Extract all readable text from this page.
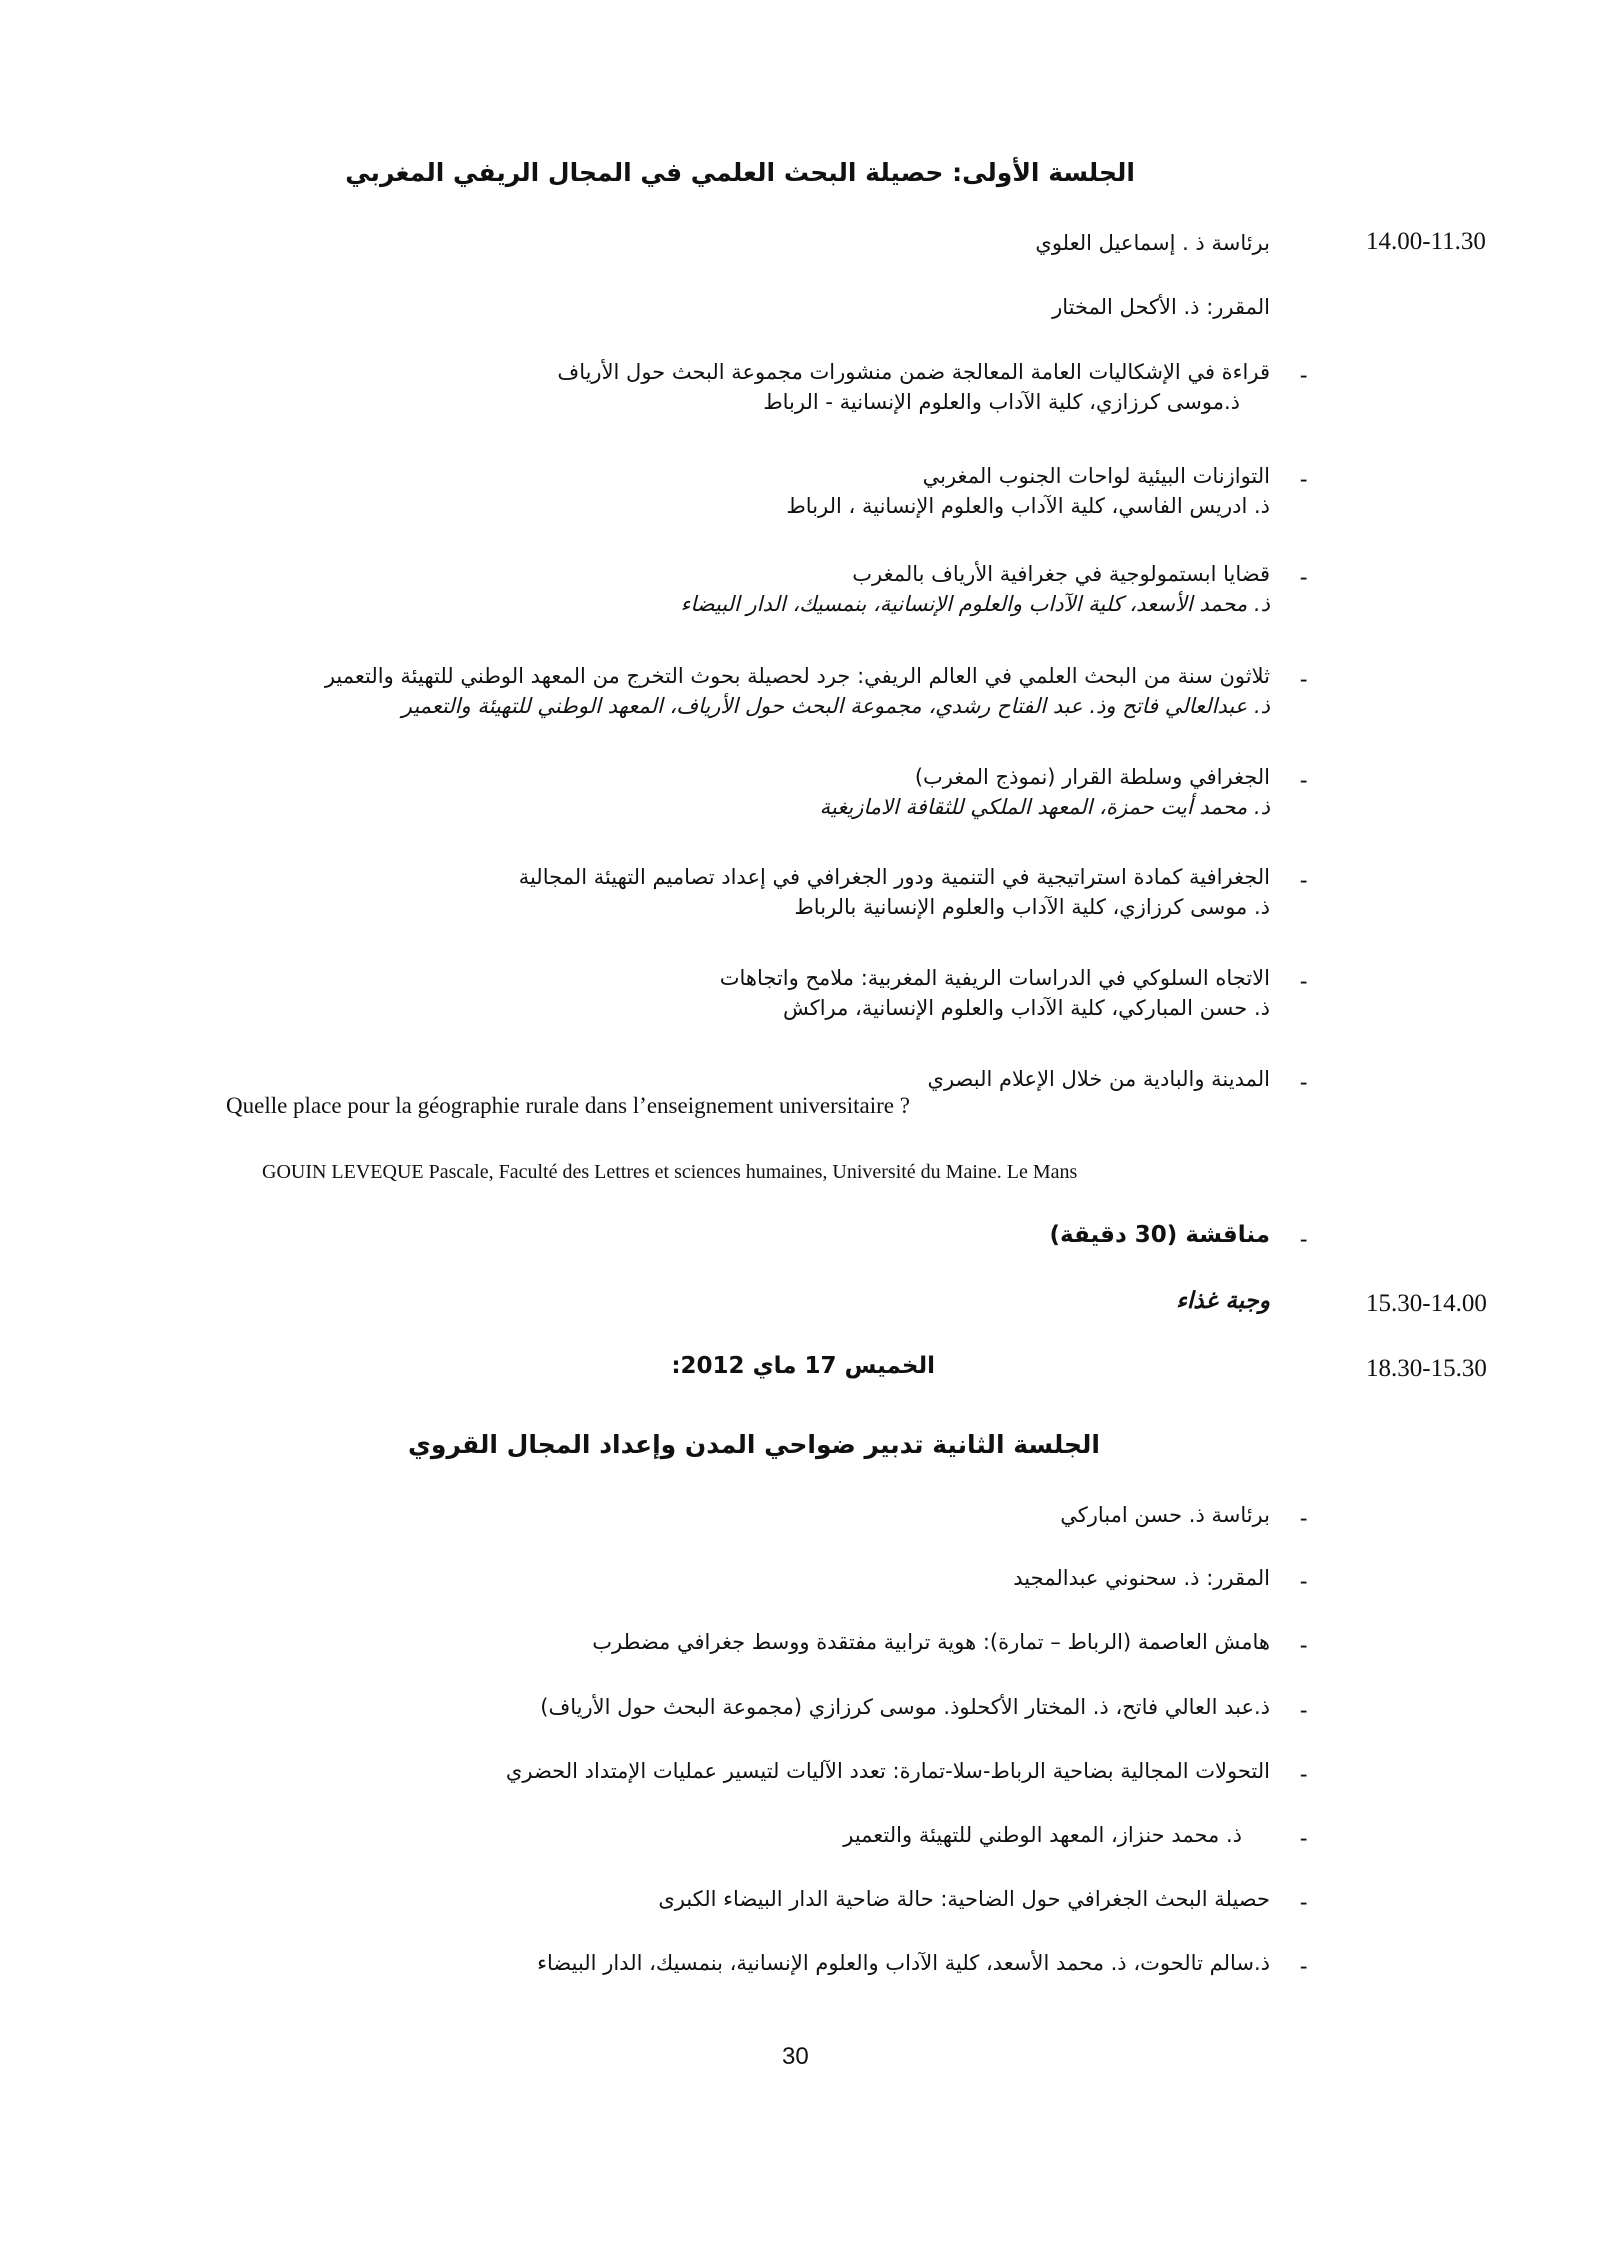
الجلسة الأولى: حصيلة البحث العلمي في المجال الريفي المغربي
14.00-11.30
برئاسة ذ . إسماعيل العلوي
المقرر: ذ. الأكحل المختار
-
قراءة في الإشكاليات العامة المعالجة ضمن منشورات مجموعة البحث حول الأرياف
ذ.موسى كرزازي، كلية الآداب والعلوم الإنسانية - الرباط
-
التوازنات البيئية لواحات الجنوب المغربي
ذ. ادريس الفاسي، كلية الآداب والعلوم الإنسانية ، الرباط
-
قضايا ابستمولوجية في جغرافية الأرياف بالمغرب
ذ. محمد الأسعد، كلية الآداب والعلوم الإنسانية، بنمسيك، الدار البيضاء
-
ثلاثون سنة من البحث العلمي في العالم الريفي: جرد لحصيلة بحوث التخرج من المعهد الوطني للتهيئة والتعمير
ذ. عبدالعالي فاتح وذ. عبد الفتاح رشدي، مجموعة البحث حول الأرياف، المعهد الوطني للتهيئة والتعمير
-
الجغرافي وسلطة القرار (نموذج المغرب)
ذ. محمد أيت حمزة، المعهد الملكي للثقافة الامازيغية
-
الجغرافية كمادة استراتيجية في التنمية ودور الجغرافي في إعداد تصاميم التهيئة المجالية
ذ. موسى كرزازي، كلية الآداب والعلوم الإنسانية بالرباط
-
الاتجاه السلوكي في الدراسات الريفية المغربية: ملامح واتجاهات
ذ. حسن المباركي، كلية الآداب والعلوم الإنسانية، مراكش
-
المدينة والبادية من خلال الإعلام البصري
Quelle place pour la géographie rurale dans l’enseignement universitaire ?
GOUIN LEVEQUE Pascale, Faculté des Lettres et sciences humaines, Université du Maine. Le Mans
-
مناقشة (30 دقيقة)
15.30-14.00
وجبة غذاء
18.30-15.30
الخميس 17 ماي 2012:
الجلسة الثانية تدبير ضواحي المدن وإعداد المجال القروي
-
برئاسة ذ. حسن امباركي
-
المقرر: ذ. سحنوني عبدالمجيد
-
هامش العاصمة (الرباط – تمارة): هوية ترابية مفتقدة ووسط جغرافي مضطرب
-
ذ.عبد العالي فاتح، ذ. المختار الأكحلوذ. موسى كرزازي (مجموعة البحث حول الأرياف)
-
التحولات المجالية بضاحية الرباط-سلا-تمارة: تعدد الآليات لتيسير عمليات الإمتداد الحضري
-
ذ. محمد حنزاز، المعهد الوطني للتهيئة والتعمير
-
حصيلة البحث الجغرافي حول الضاحية: حالة ضاحية الدار البيضاء الكبرى
-
ذ.سالم تالحوت، ذ. محمد الأسعد، كلية الآداب والعلوم الإنسانية، بنمسيك، الدار البيضاء
30
